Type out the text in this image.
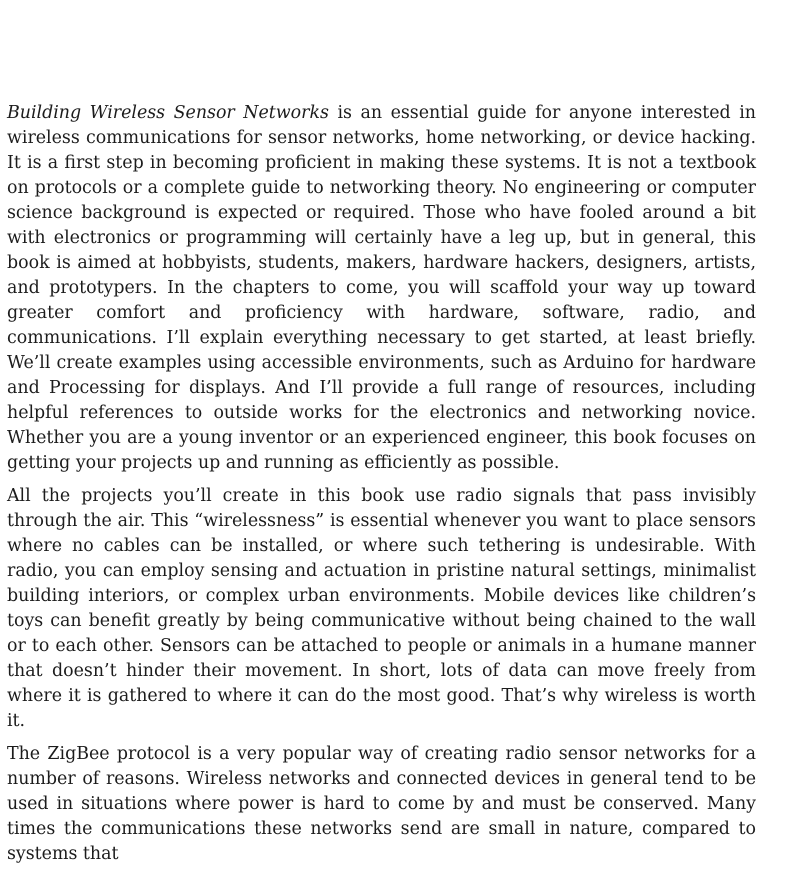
Building Wireless Sensor Networks is an essential guide for anyone interested in wireless communications for sensor networks, home networking, or device hacking. It is a first step in becoming proficient in making these systems. It is not a textbook on protocols or a complete guide to networking theory. No engineering or computer science background is expected or required. Those who have fooled around a bit with electronics or programming will certainly have a leg up, but in general, this book is aimed at hobbyists, students, makers, hardware hackers, designers, artists, and prototypers. In the chapters to come, you will scaffold your way up toward greater comfort and proficiency with hardware, software, radio, and communications. I’ll explain everything necessary to get started, at least briefly. We’ll create examples using accessible environments, such as Arduino for hardware and Processing for displays. And I’ll provide a full range of resources, including helpful references to outside works for the electronics and networking novice. Whether you are a young inventor or an experienced engineer, this book focuses on getting your projects up and running as efficiently as possible.

All the projects you’ll create in this book use radio signals that pass invisibly through the air. This “wirelessness” is essential whenever you want to place sensors where no cables can be installed, or where such tethering is undesirable. With radio, you can employ sensing and actuation in pristine natural settings, minimalist building interiors, or complex urban environments. Mobile devices like children’s toys can benefit greatly by being communicative without being chained to the wall or to each other. Sensors can be attached to people or animals in a humane manner that doesn’t hinder their movement. In short, lots of data can move freely from where it is gathered to where it can do the most good. That’s why wireless is worth it.

The ZigBee protocol is a very popular way of creating radio sensor networks for a number of reasons. Wireless networks and connected devices in general tend to be used in situations where power is hard to come by and must be conserved. Many times the communications these networks send are small in nature, compared to systems that
